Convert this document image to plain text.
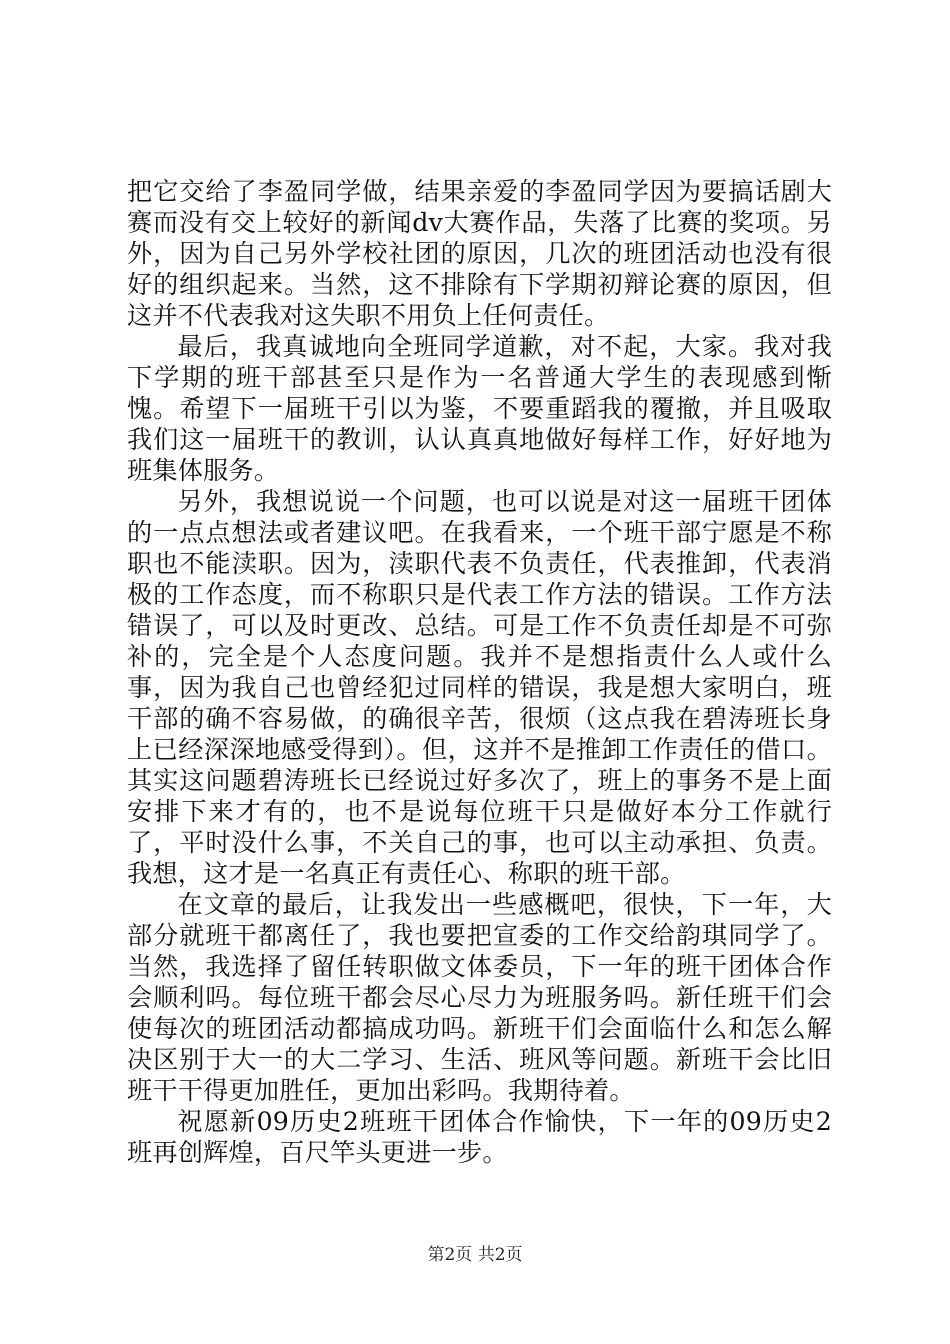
把它交给了李盈同学做，结果亲爱的李盈同学因为要搞话剧大赛而没有交上较好的新闻dv大赛作品，失落了比赛的奖项。另外，因为自己另外学校社团的原因，几次的班团活动也没有很好的组织起来。当然，这不排除有下学期初辩论赛的原因，但这并不代表我对这失职不用负上任何责任。

最后，我真诚地向全班同学道歉，对不起，大家。我对我下学期的班干部甚至只是作为一名普通大学生的表现感到惭愧。希望下一届班干引以为鉴，不要重蹈我的覆撤，并且吸取我们这一届班干的教训，认认真真地做好每样工作，好好地为班集体服务。

另外，我想说说一个问题，也可以说是对这一届班干团体的一点点想法或者建议吧。在我看来，一个班干部宁愿是不称职也不能渎职。因为，渎职代表不负责任，代表推卸，代表消极的工作态度，而不称职只是代表工作方法的错误。工作方法错误了，可以及时更改、总结。可是工作不负责任却是不可弥补的，完全是个人态度问题。我并不是想指责什么人或什么事，因为我自己也曾经犯过同样的错误，我是想大家明白，班干部的确不容易做，的确很辛苦，很烦（这点我在碧涛班长身上已经深深地感受得到）。但，这并不是推卸工作责任的借口。其实这问题碧涛班长已经说过好多次了，班上的事务不是上面安排下来才有的，也不是说每位班干只是做好本分工作就行了，平时没什么事，不关自己的事，也可以主动承担、负责。我想，这才是一名真正有责任心、称职的班干部。

在文章的最后，让我发出一些感概吧，很快，下一年，大部分就班干都离任了，我也要把宣委的工作交给韵琪同学了。当然，我选择了留任转职做文体委员，下一年的班干团体合作会顺利吗。每位班干都会尽心尽力为班服务吗。新任班干们会使每次的班团活动都搞成功吗。新班干们会面临什么和怎么解决区别于大一的大二学习、生活、班风等问题。新班干会比旧班干干得更加胜任，更加出彩吗。我期待着。

祝愿新09历史2班班干团体合作愉快，下一年的09历史2班再创辉煌，百尺竿头更进一步。

第2页 共2页
